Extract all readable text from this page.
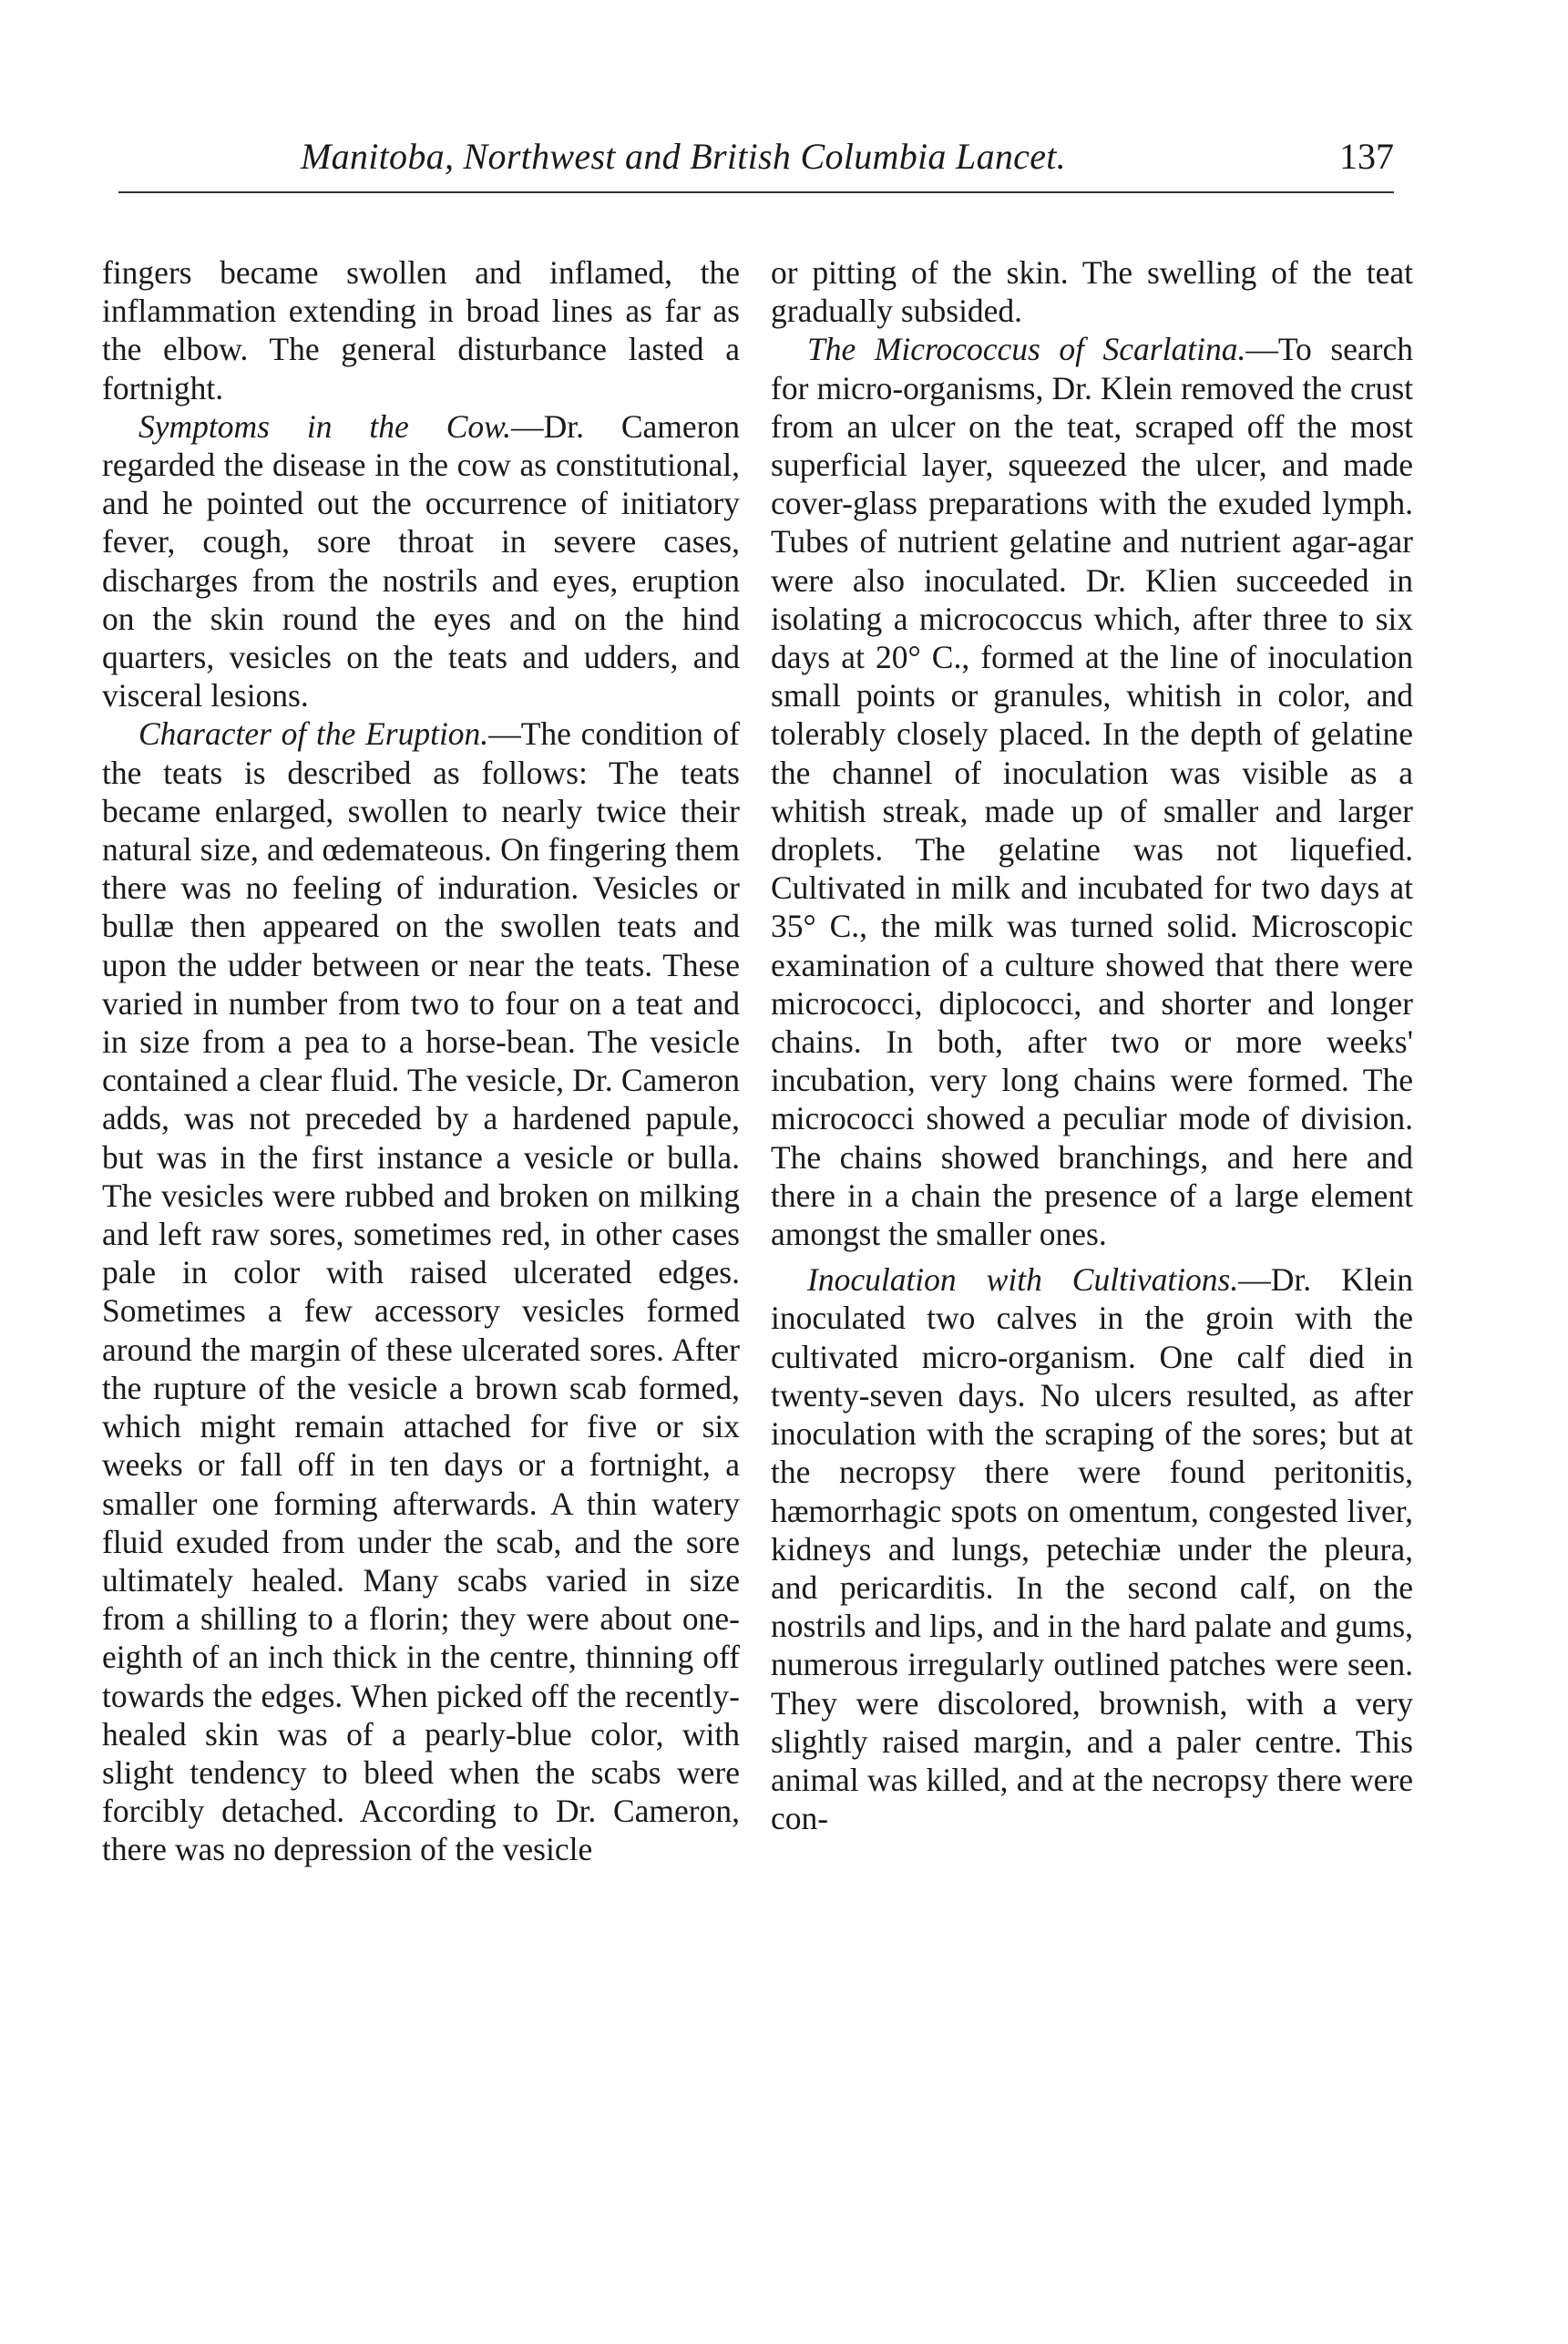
Manitoba, Northwest and British Columbia Lancet.	137

fingers became swollen and inflamed, the inflammation extending in broad lines as far as the elbow. The general disturbance lasted a fortnight.

Symptoms in the Cow.—Dr. Cameron regarded the disease in the cow as constitutional, and he pointed out the occurrence of initiatory fever, cough, sore throat in severe cases, discharges from the nostrils and eyes, eruption on the skin round the eyes and on the hind quarters, vesicles on the teats and udders, and visceral lesions.

Character of the Eruption.—The condition of the teats is described as follows: The teats became enlarged, swollen to nearly twice their natural size, and œdemateous. On fingering them there was no feeling of induration. Vesicles or bullæ then appeared on the swollen teats and upon the udder between or near the teats. These varied in number from two to four on a teat and in size from a pea to a horse-bean. The vesicle contained a clear fluid. The vesicle, Dr. Cameron adds, was not preceded by a hardened papule, but was in the first instance a vesicle or bulla. The vesicles were rubbed and broken on milking and left raw sores, sometimes red, in other cases pale in color with raised ulcerated edges. Sometimes a few accessory vesicles formed around the margin of these ulcerated sores. After the rupture of the vesicle a brown scab formed, which might remain attached for five or six weeks or fall off in ten days or a fortnight, a smaller one forming afterwards. A thin watery fluid exuded from under the scab, and the sore ultimately healed. Many scabs varied in size from a shilling to a florin; they were about one-eighth of an inch thick in the centre, thinning off towards the edges. When picked off the recently-healed skin was of a pearly-blue color, with slight tendency to bleed when the scabs were forcibly detached. According to Dr. Cameron, there was no depression of the vesicle

or pitting of the skin. The swelling of the teat gradually subsided.

The Micrococcus of Scarlatina.—To search for micro-organisms, Dr. Klein removed the crust from an ulcer on the teat, scraped off the most superficial layer, squeezed the ulcer, and made cover-glass preparations with the exuded lymph. Tubes of nutrient gelatine and nutrient agar-agar were also inoculated. Dr. Klien succeeded in isolating a micrococcus which, after three to six days at 20° C., formed at the line of inoculation small points or granules, whitish in color, and tolerably closely placed. In the depth of gelatine the channel of inoculation was visible as a whitish streak, made up of smaller and larger droplets. The gelatine was not liquefied. Cultivated in milk and incubated for two days at 35° C., the milk was turned solid. Microscopic examination of a culture showed that there were micrococci, diplococci, and shorter and longer chains. In both, after two or more weeks' incubation, very long chains were formed. The micrococci showed a peculiar mode of division. The chains showed branchings, and here and there in a chain the presence of a large element amongst the smaller ones.

Inoculation with Cultivations.—Dr. Klein inoculated two calves in the groin with the cultivated micro-organism. One calf died in twenty-seven days. No ulcers resulted, as after inoculation with the scraping of the sores; but at the necropsy there were found peritonitis, hæmorrhagic spots on omentum, congested liver, kidneys and lungs, petechiæ under the pleura, and pericarditis. In the second calf, on the nostrils and lips, and in the hard palate and gums, numerous irregularly outlined patches were seen. They were discolored, brownish, with a very slightly raised margin, and a paler centre. This animal was killed, and at the necropsy there were con-
